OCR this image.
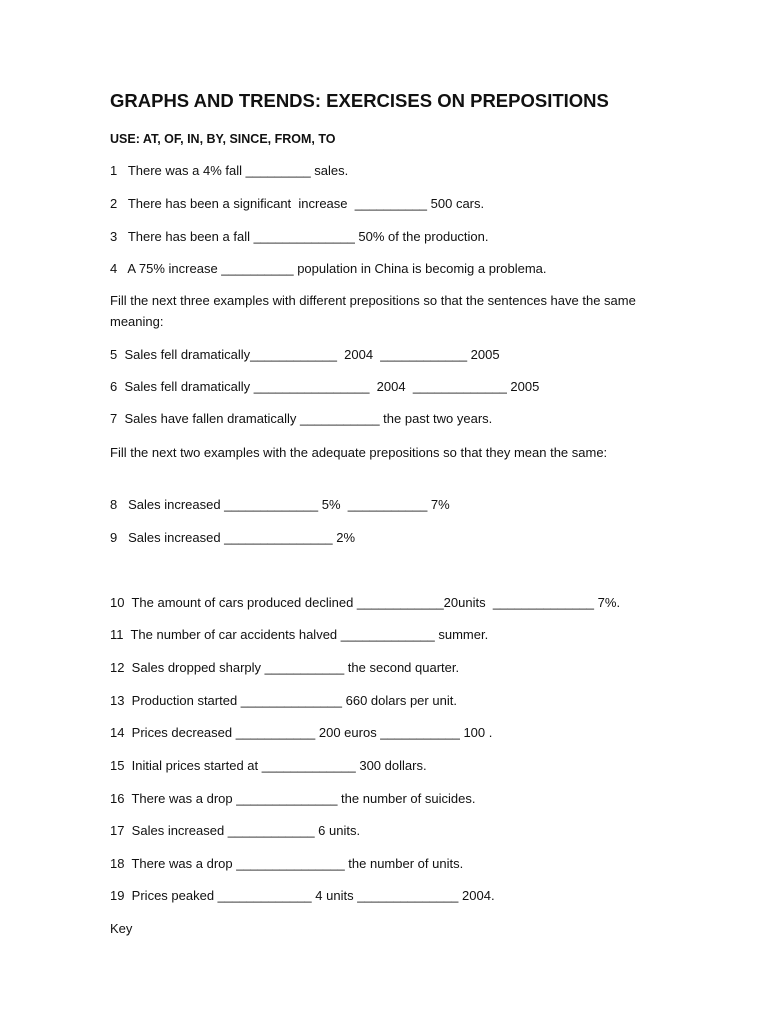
GRAPHS AND TRENDS: EXERCISES ON PREPOSITIONS
USE: AT, OF, IN, BY, SINCE, FROM, TO
1   There was a 4% fall _________ sales.
2   There has been a significant  increase  __________ 500 cars.
3   There has been a fall ______________ 50% of the production.
4   A 75% increase __________ population in China is becomig a problema.
Fill the next three examples with different prepositions so that the sentences have the same meaning:
5  Sales fell dramatically____________  2004  ____________ 2005
6  Sales fell dramatically ________________  2004  _____________ 2005
7  Sales have fallen dramatically ___________ the past two years.
Fill the next two examples with the adequate prepositions so that they mean the same:
8   Sales increased _____________ 5%  ___________ 7%
9   Sales increased _______________ 2%
10  The amount of cars produced declined ____________20units  ______________ 7%.
11  The number of car accidents halved _____________ summer.
12  Sales dropped sharply ___________ the second quarter.
13  Production started ______________ 660 dolars per unit.
14  Prices decreased ___________ 200 euros ___________ 100 .
15  Initial prices started at _____________ 300 dollars.
16  There was a drop ______________ the number of suicides.
17  Sales increased ____________ 6 units.
18  There was a drop _______________ the number of units.
19  Prices peaked _____________ 4 units ______________ 2004.
Key
